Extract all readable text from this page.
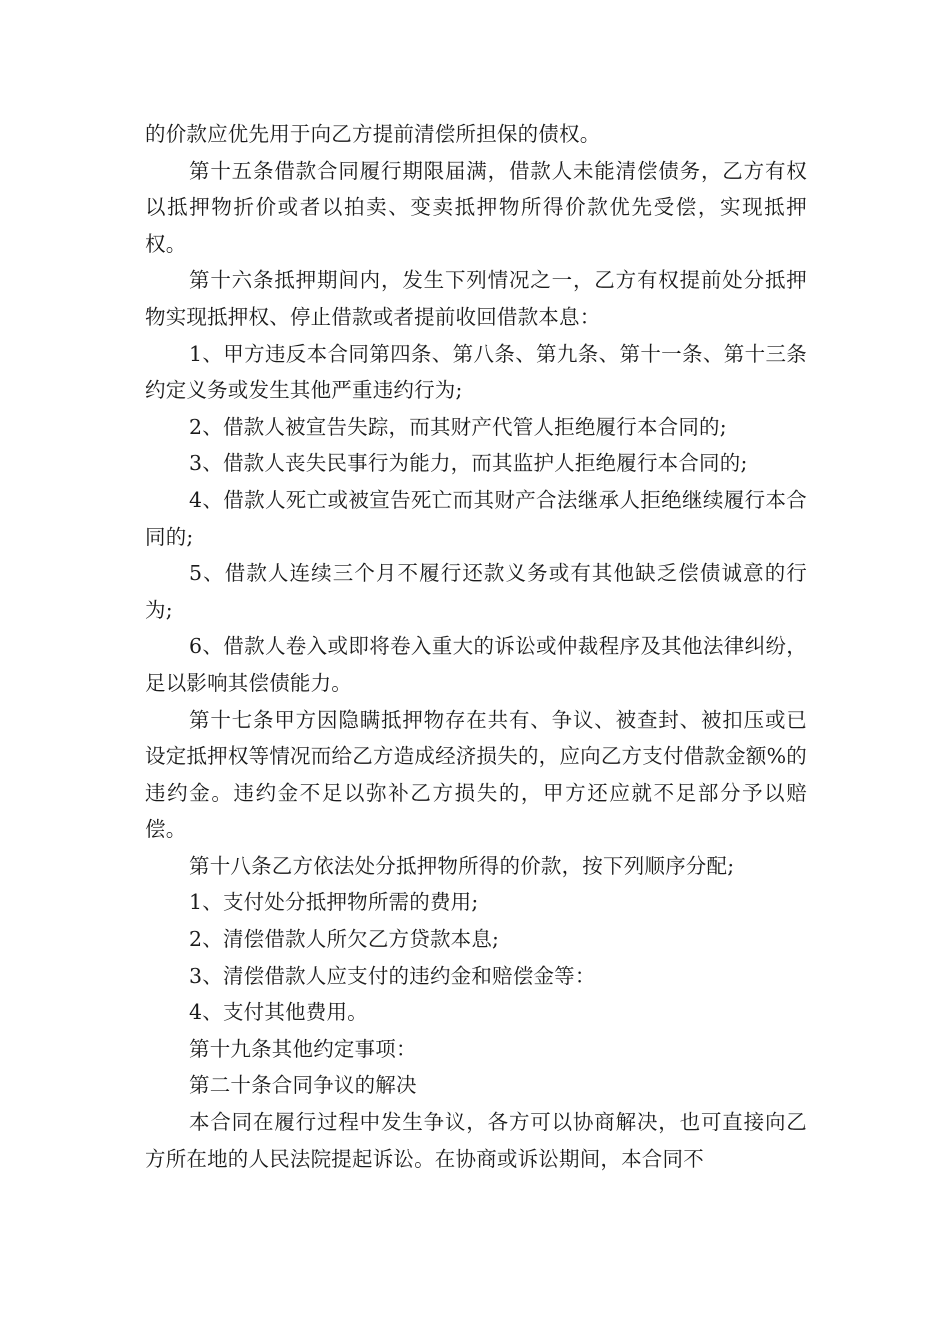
的价款应优先用于向乙方提前清偿所担保的债权。

第十五条借款合同履行期限届满，借款人未能清偿债务，乙方有权以抵押物折价或者以拍卖、变卖抵押物所得价款优先受偿，实现抵押权。

第十六条抵押期间内，发生下列情况之一，乙方有权提前处分抵押物实现抵押权、停止借款或者提前收回借款本息：

1、甲方违反本合同第四条、第八条、第九条、第十一条、第十三条约定义务或发生其他严重违约行为;

2、借款人被宣告失踪，而其财产代管人拒绝履行本合同的;

3、借款人丧失民事行为能力，而其监护人拒绝履行本合同的;

4、借款人死亡或被宣告死亡而其财产合法继承人拒绝继续履行本合同的;

5、借款人连续三个月不履行还款义务或有其他缺乏偿债诚意的行为;

6、借款人卷入或即将卷入重大的诉讼或仲裁程序及其他法律纠纷，足以影响其偿债能力。

第十七条甲方因隐瞒抵押物存在共有、争议、被查封、被扣压或已设定抵押权等情况而给乙方造成经济损失的，应向乙方支付借款金额%的违约金。违约金不足以弥补乙方损失的，甲方还应就不足部分予以赔偿。

第十八条乙方依法处分抵押物所得的价款，按下列顺序分配;

1、支付处分抵押物所需的费用;

2、清偿借款人所欠乙方贷款本息;

3、清偿借款人应支付的违约金和赔偿金等：

4、支付其他费用。

第十九条其他约定事项：

第二十条合同争议的解决

本合同在履行过程中发生争议，各方可以协商解决，也可直接向乙方所在地的人民法院提起诉讼。在协商或诉讼期间，本合同不
